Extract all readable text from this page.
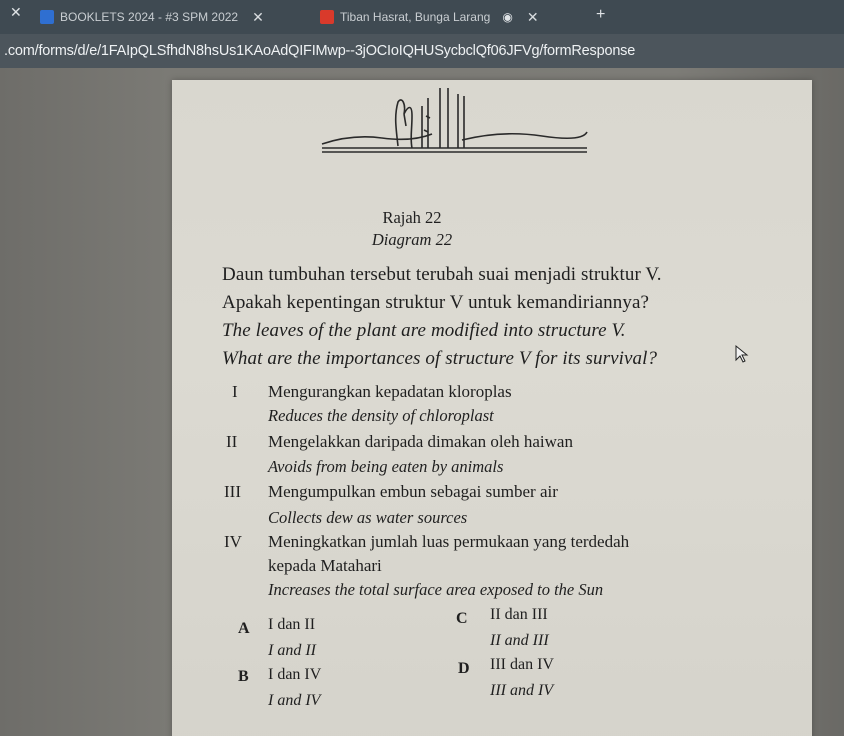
✕	BOOKLETS 2024 - #3 SPM 2022 ✕	Tiban Hasrat, Bunga Larang ◉ ✕	+
.com/forms/d/e/1FAIpQLSfhdN8hsUs1KAoAdQIFIMwp--3jOCIoIQHUSycbclQf06JFVg/formResponse
Rajah 22
Diagram 22
Daun tumbuhan tersebut terubah suai menjadi struktur V.
Apakah kepentingan struktur V untuk kemandiriannya?
The leaves of the plant are modified into structure V.
What are the importances of structure V for its survival?
I Mengurangkan kepadatan kloroplas
Reduces the density of chloroplast
II Mengelakkan daripada dimakan oleh haiwan
Avoids from being eaten by animals
III Mengumpulkan embun sebagai sumber air
Collects dew as water sources
IV Meningkatkan jumlah luas permukaan yang terdedah
kepada Matahari
Increases the total surface area exposed to the Sun
A I dan II
I and II
B I dan IV
I and IV
C II dan III
II and III
D III dan IV
III and IV
